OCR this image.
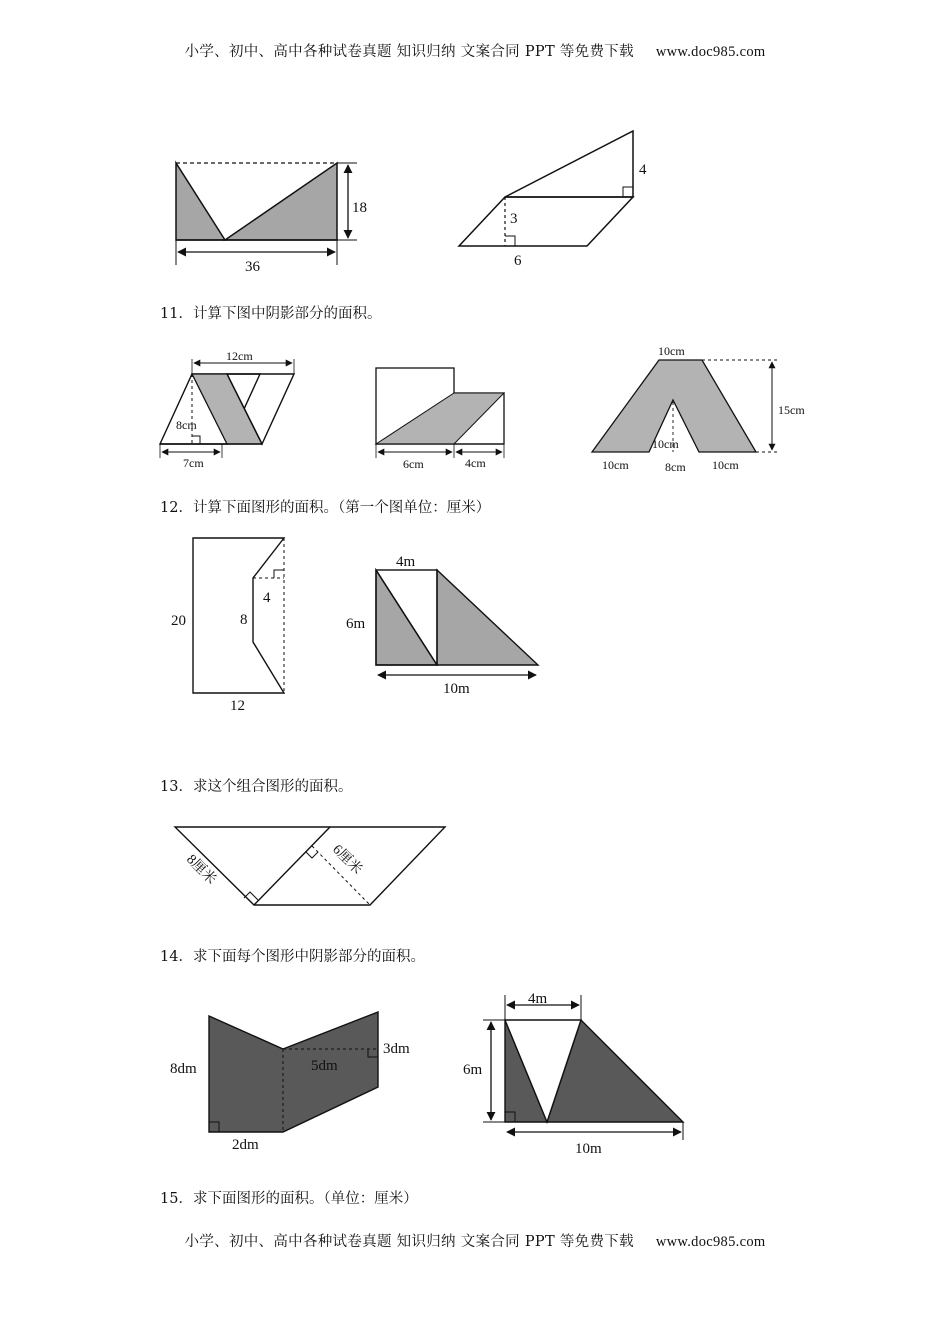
小学、初中、高中各种试卷真题 知识归纳 文案合同 PPT 等免费下载 www.doc985.com
18
36
4
3
6
11．计算下图中阴影部分的面积。
12cm
8cm
7cm	6cm	4cm
10cm
15cm
10cm
10cm	8cm 10cm
12．计算下面图形的面积。（第一个图单位：厘米）
20	8
4
12
4m
6m
10m
13．求这个组合图形的面积。
8厘米	6厘米
14．求下面每个图形中阴影部分的面积。
8dm
3dm
5dm
2dm
4m
6m
10m
15．求下面图形的面积。（单位：厘米）
小学、初中、高中各种试卷真题 知识归纳 文案合同 PPT 等免费下载 www.doc985.com
